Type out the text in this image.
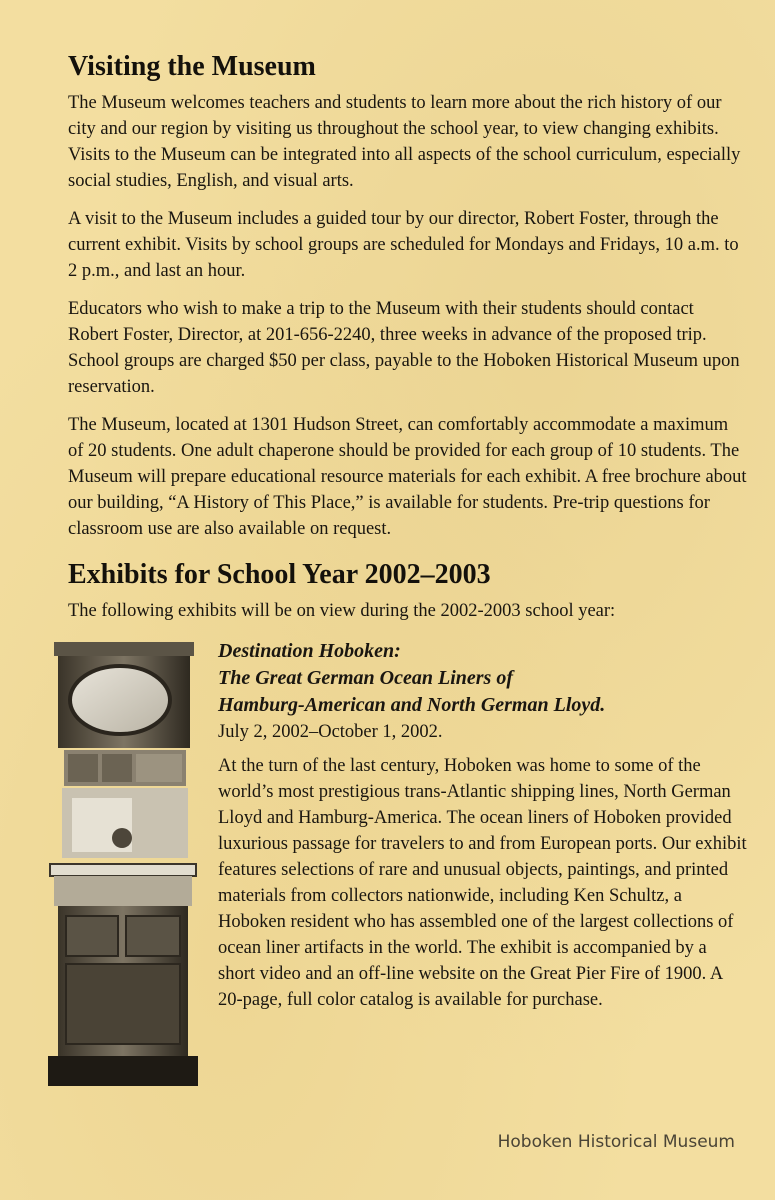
Visiting the Museum

The Museum welcomes teachers and students to learn more about the rich history of our city and our region by visiting us throughout the school year, to view changing exhibits. Visits to the Museum can be integrated into all aspects of the school curriculum, especially social studies, English, and visual arts.

A visit to the Museum includes a guided tour by our director, Robert Foster, through the current exhibit. Visits by school groups are scheduled for Mondays and Fridays, 10 a.m. to 2 p.m., and last an hour.

Educators who wish to make a trip to the Museum with their students should contact Robert Foster, Director, at 201-656-2240, three weeks in advance of the proposed trip. School groups are charged $50 per class, payable to the Hoboken Historical Museum upon reservation.

The Museum, located at 1301 Hudson Street, can comfortably accommodate a maximum of 20 students. One adult chaperone should be provided for each group of 10 students. The Museum will prepare educational resource materials for each exhibit. A free brochure about our building, “A History of This Place,” is available for students. Pre-trip questions for classroom use are also available on request.

Exhibits for School Year 2002–2003

The following exhibits will be on view during the 2002-2003 school year:

Destination Hoboken:

The Great German Ocean Liners of

Hamburg-American and North German Lloyd.

July 2, 2002–October 1, 2002.

At the turn of the last century, Hoboken was home to some of the world’s most prestigious trans-Atlantic shipping lines, North German Lloyd and Hamburg-America. The ocean liners of Hoboken provided luxurious passage for travelers to and from European ports. Our exhibit features selections of rare and unusual objects, paintings, and printed materials from collectors nationwide, including Ken Schultz, a Hoboken resident who has assembled one of the largest collections of ocean liner artifacts in the world. The exhibit is accompanied by a short video and an off-line website on the Great Pier Fire of 1900. A 20-page, full color catalog is available for purchase.

Hoboken Historical Museum
